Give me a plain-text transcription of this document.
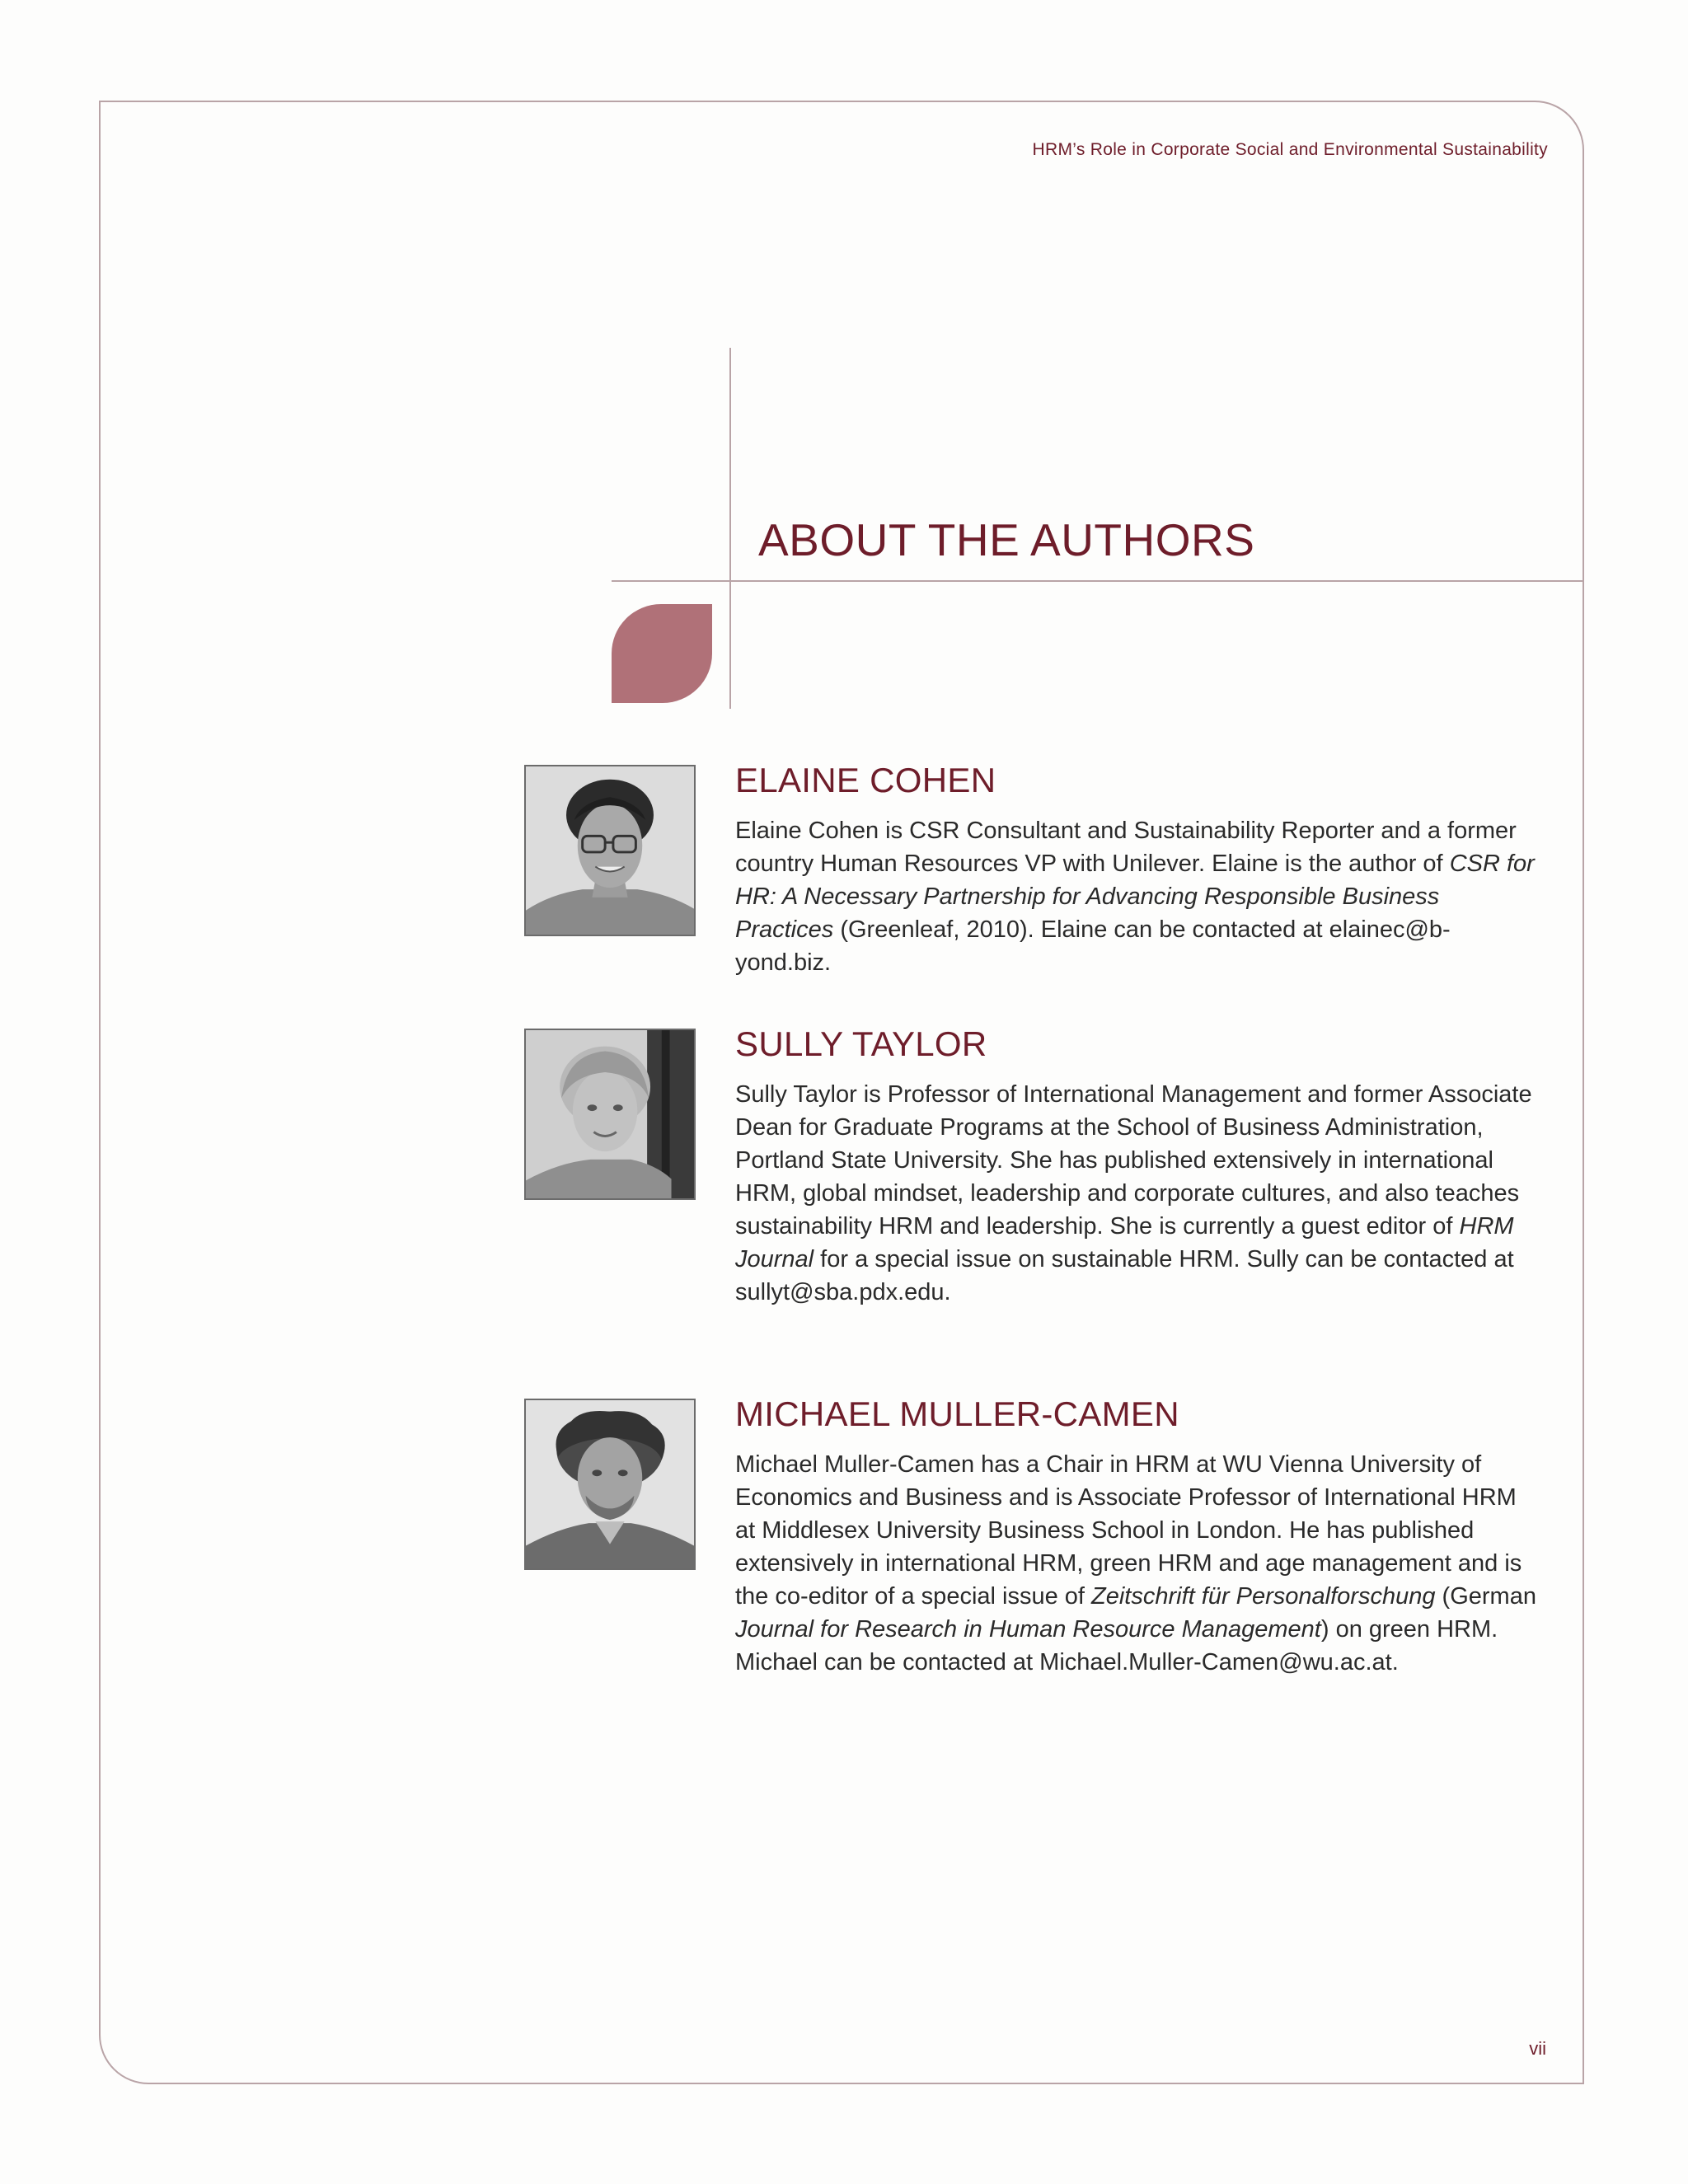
HRM’s Role in Corporate Social and Environmental Sustainability
ABOUT THE AUTHORS
ELAINE COHEN

Elaine Cohen is CSR Consultant and Sustainability Reporter and a former country Human Resources VP with Unilever. Elaine is the author of CSR for HR: A Necessary Partnership for Advancing Responsible Business Practices (Greenleaf, 2010). Elaine can be contacted at elainec@b-yond.biz.

SULLY TAYLOR

Sully Taylor is Professor of International Management and former Associate Dean for Graduate Programs at the School of Business Administration, Portland State University. She has published extensively in international HRM, global mindset, leadership and corporate cultures, and also teaches sustainability HRM and leadership. She is currently a guest editor of HRM Journal for a special issue on sustainable HRM. Sully can be contacted at sullyt@sba.pdx.edu.

MICHAEL MULLER-CAMEN

Michael Muller-Camen has a Chair in HRM at WU Vienna University of Economics and Business and is Associate Professor of International HRM at Middlesex University Business School in London. He has published extensively in international HRM, green HRM and age management and is the co-editor of a special issue of Zeitschrift für Personalforschung (German Journal for Research in Human Resource Management) on green HRM. Michael can be contacted at Michael.Muller-Camen@wu.ac.at.

vii
